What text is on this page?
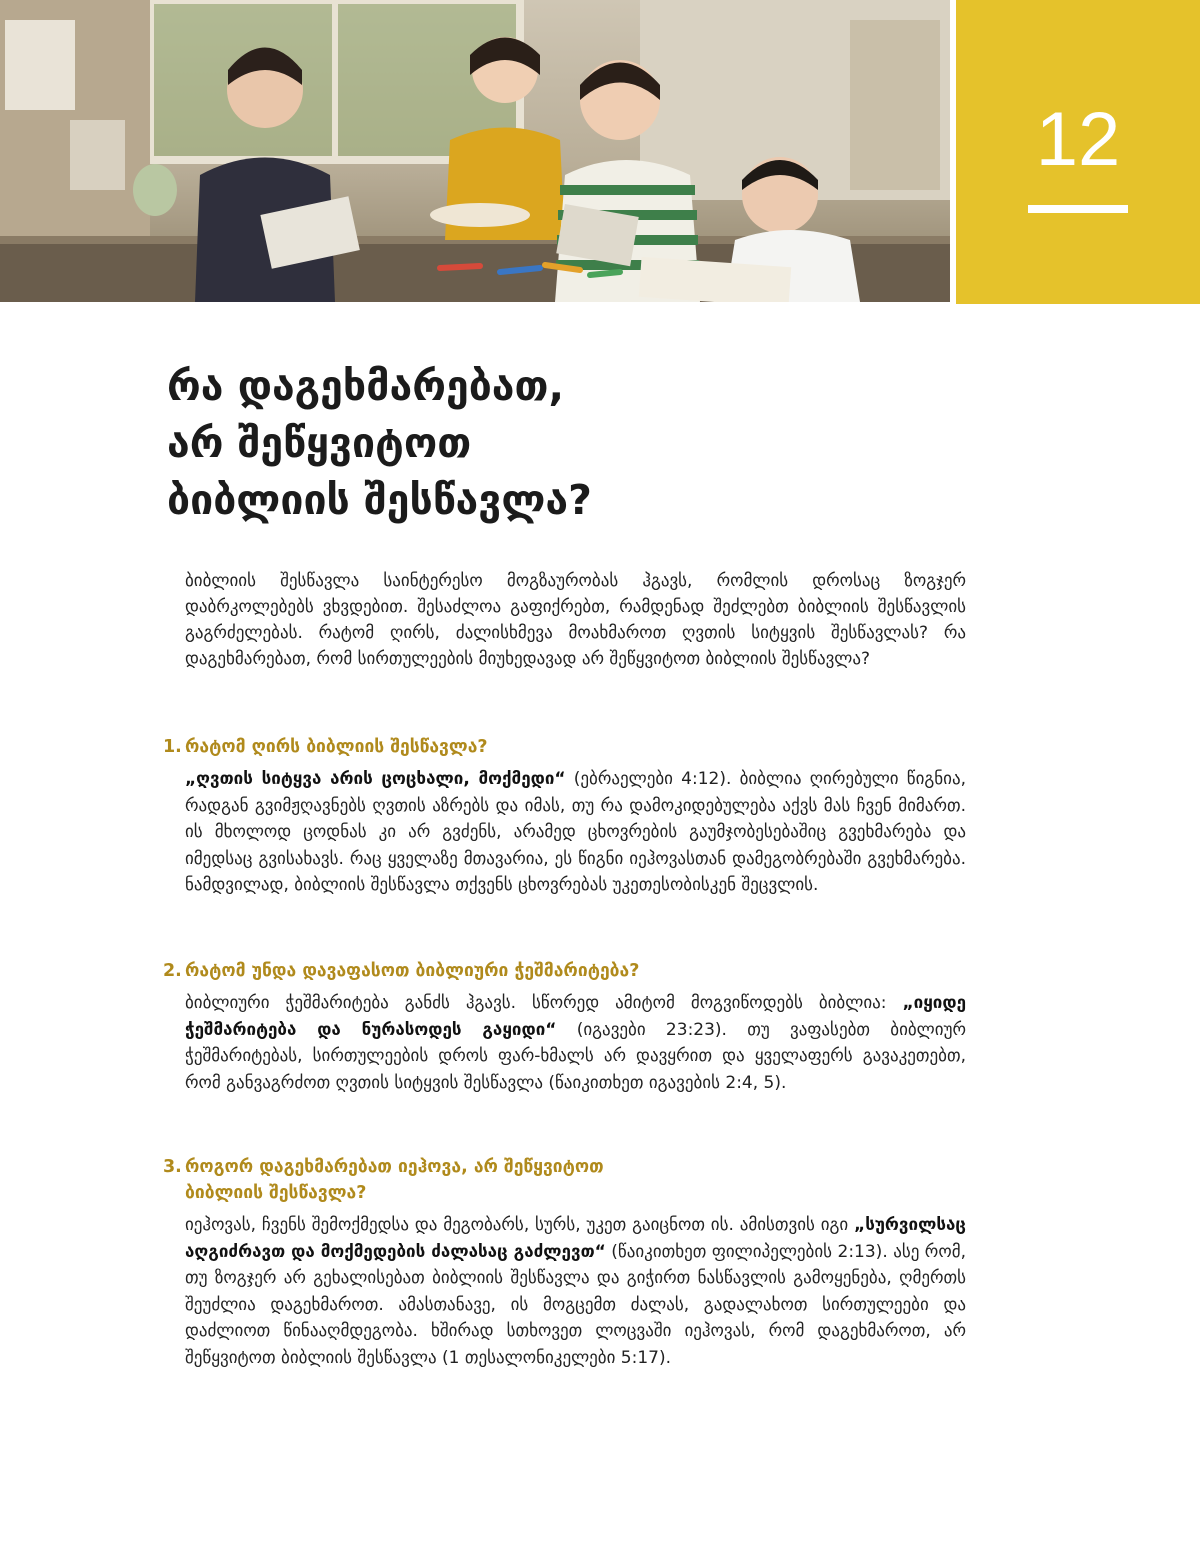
12
რა დაგეხმარებათ,
არ შეწყვიტოთ
ბიბლიის შესწავლა?

ბიბლიის შესწავლა საინტერესო მოგზაურობას ჰგავს, რომლის დროსაც ზოგჯერ დაბრკოლებებს ვხვდებით. შესაძლოა გაფიქრებთ, რამდენად შეძლებთ ბიბლიის შესწავლის გაგრძელებას. რატომ ღირს, ძალისხმევა მოახმაროთ ღვთის სიტყვის შესწავლას? რა დაგეხმარებათ, რომ სირთულეების მიუხედავად არ შეწყვიტოთ ბიბლიის შესწავლა?

1. რატომ ღირს ბიბლიის შესწავლა?

„ღვთის სიტყვა არის ცოცხალი, მოქმედი“ (ებრაელები 4:12). ბიბლია ღირებული წიგნია, რადგან გვიმჟღავნებს ღვთის აზრებს და იმას, თუ რა დამოკიდებულება აქვს მას ჩვენ მიმართ. ის მხოლოდ ცოდნას კი არ გვძენს, არამედ ცხოვრების გაუმჯობესებაშიც გვეხმარება და იმედსაც გვისახავს. რაც ყველაზე მთავარია, ეს წიგნი იეჰოვასთან დამეგობრებაში გვეხმარება. ნამდვილად, ბიბლიის შესწავლა თქვენს ცხოვრებას უკეთესობისკენ შეცვლის.

2. რატომ უნდა დავაფასოთ ბიბლიური ჭეშმარიტება?

ბიბლიური ჭეშმარიტება განძს ჰგავს. სწორედ ამიტომ მოგვიწოდებს ბიბლია: „იყიდე ჭეშმარიტება და ნურასოდეს გაყიდი“ (იგავები 23:23). თუ ვაფასებთ ბიბლიურ ჭეშმარიტებას, სირთულეების დროს ფარ-ხმალს არ დავყრით და ყველაფერს გავაკეთებთ, რომ განვაგრძოთ ღვთის სიტყვის შესწავლა (წაიკითხეთ იგავების 2:4, 5).

3. როგორ დაგეხმარებათ იეჰოვა, არ შეწყვიტოთ
ბიბლიის შესწავლა?

იეჰოვას, ჩვენს შემოქმედსა და მეგობარს, სურს, უკეთ გაიცნოთ ის. ამისთვის იგი „სურვილსაც აღგიძრავთ და მოქმედების ძალასაც გაძლევთ“ (წაიკითხეთ ფილიპელების 2:13). ასე რომ, თუ ზოგჯერ არ გეხალისებათ ბიბლიის შესწავლა და გიჭირთ ნასწავლის გამოყენება, ღმერთს შეუძლია დაგეხმაროთ. ამასთანავე, ის მოგცემთ ძალას, გადალახოთ სირთულეები და დაძლიოთ წინააღმდეგობა. ხშირად სთხოვეთ ლოცვაში იეჰოვას, რომ დაგეხმაროთ, არ შეწყვიტოთ ბიბლიის შესწავლა (1 თესალონიკელები 5:17).
